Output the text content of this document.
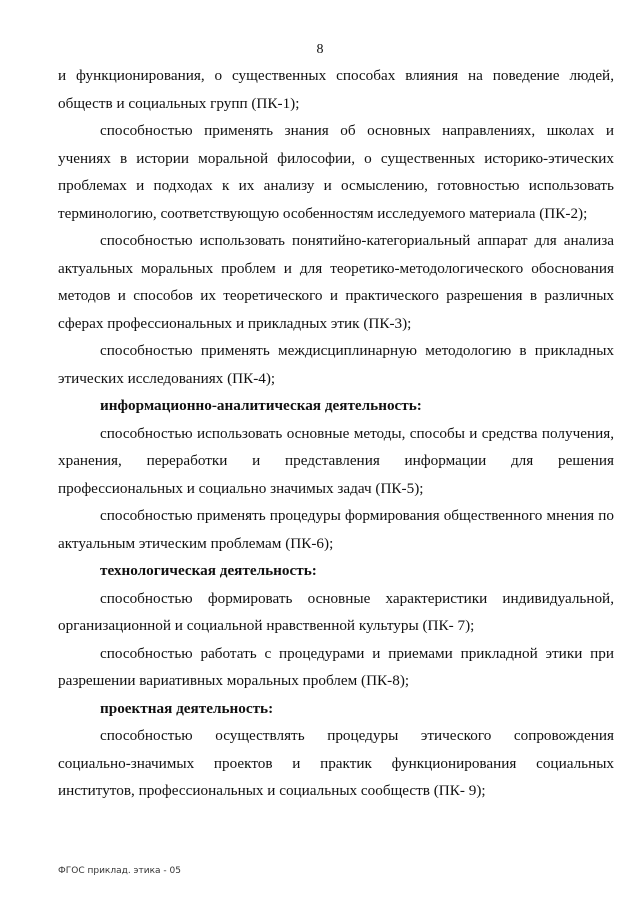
8

и функционирования, о существенных способах влияния на поведение людей, обществ и социальных групп (ПК-1);

способностью применять знания об основных направлениях, школах и учениях в истории моральной философии, о существенных историко-этических проблемах и подходах к их анализу и осмыслению, готовностью использовать терминологию, соответствующую особенностям исследуемого материала (ПК-2);

способностью использовать понятийно-категориальный аппарат для анализа актуальных моральных проблем и для теоретико-методологического обоснования методов и способов их теоретического и практического разрешения в различных сферах профессиональных и прикладных этик (ПК-3);

способностью применять междисциплинарную методологию в прикладных этических исследованиях (ПК-4);

информационно-аналитическая деятельность:

способностью использовать основные методы, способы и средства получения, хранения, переработки и представления информации для решения профессиональных и социально значимых задач (ПК-5);

способностью применять процедуры формирования общественного мнения по актуальным этическим проблемам (ПК-6);

технологическая деятельность:

способностью формировать основные характеристики индивидуальной, организационной и социальной нравственной культуры (ПК- 7);

способностью работать с процедурами и приемами прикладной этики при разрешении вариативных моральных проблем (ПК-8);

проектная деятельность:

способностью осуществлять процедуры этического сопровождения социально-значимых проектов и практик функционирования социальных институтов, профессиональных и социальных сообществ (ПК- 9);

ФГОС приклад. этика - 05
